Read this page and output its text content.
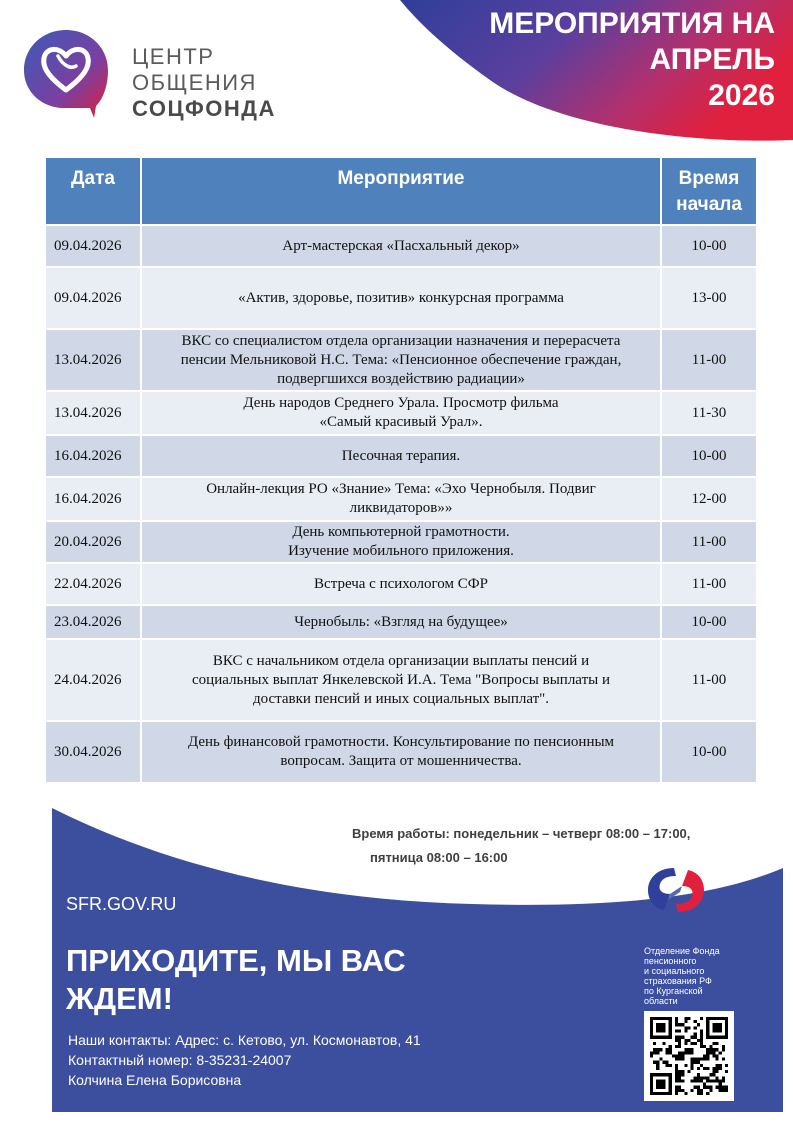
ЦЕНТР
ОБЩЕНИЯ
СОЦФОНДА
МЕРОПРИЯТИЯ НА
АПРЕЛЬ
2026
Дата	Мероприятие	Время
начала

09.04.2026	Арт-мастерская «Пасхальный декор»	10-00
09.04.2026	«Актив, здоровье, позитив» конкурсная программа	13-00
13.04.2026	ВКС со специалистом отдела организации назначения и перерасчета
пенсии Мельниковой Н.С. Тема: «Пенсионное обеспечение граждан,
подвергшихся воздействию радиации»	11-00
13.04.2026	День народов Среднего Урала. Просмотр фильма
«Самый красивый Урал».	11-30
16.04.2026	Песочная терапия.	10-00
16.04.2026	Онлайн-лекция РО «Знание» Тема: «Эхо Чернобыля. Подвиг
ликвидаторов»»	12-00
20.04.2026	День компьютерной грамотности.
Изучение мобильного приложения.	11-00
22.04.2026	Встреча с психологом СФР	11-00
23.04.2026	Чернобыль: «Взгляд на будущее»	10-00
24.04.2026	ВКС с начальником отдела организации выплаты пенсий и
социальных выплат Янкелевской И.А. Тема "Вопросы выплаты и
доставки пенсий и иных социальных выплат".	11-00
30.04.2026	День финансовой грамотности. Консультирование по пенсионным
вопросам. Защита от мошенничества.	10-00
Время работы: понедельник – четверг 08:00 – 17:00,
пятница 08:00 – 16:00
SFR.GOV.RU
ПРИХОДИТЕ, МЫ ВАС
ЖДЕМ!
Наши контакты: Адрес: с. Кетово, ул. Космонавтов, 41
Контактный номер: 8-35231-24007
Колчина Елена Борисовна
Отделение Фонда
пенсионного
и социального
страхования РФ
по Курганской
области
